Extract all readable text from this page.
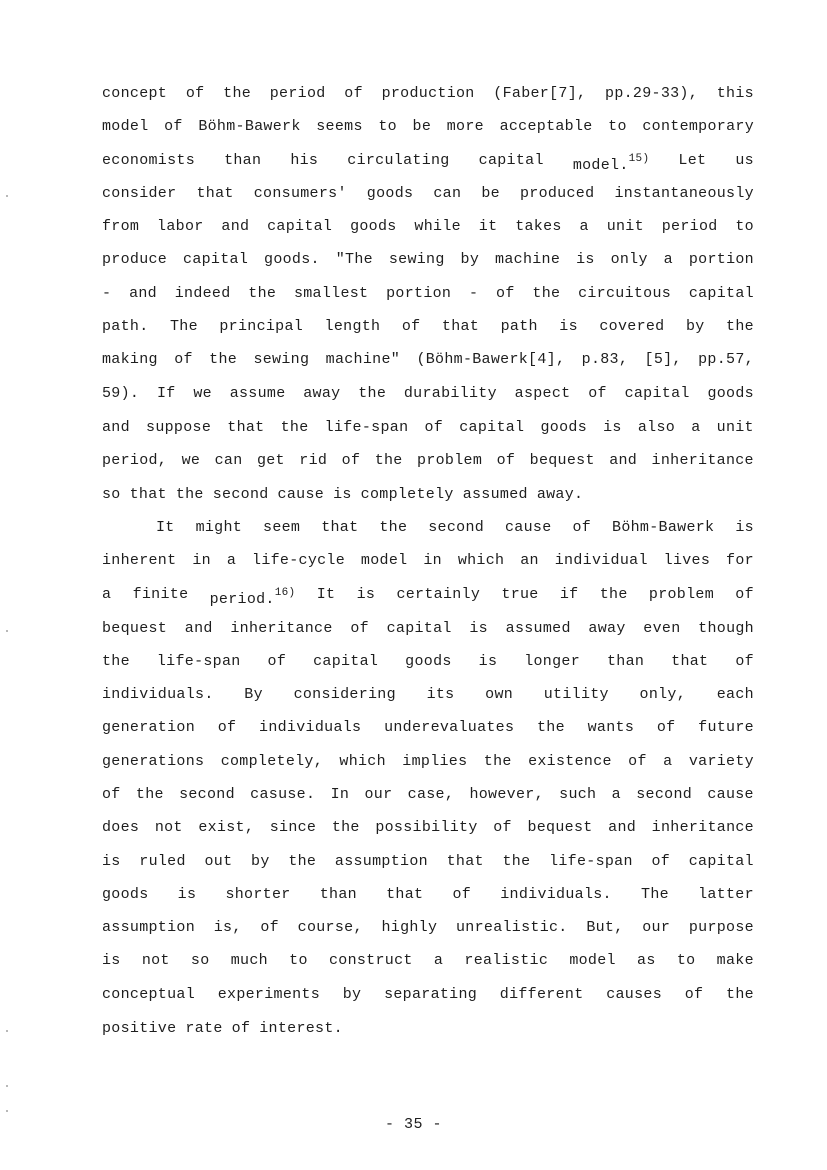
concept of the period of production (Faber[7], pp.29-33), this
model of Böhm-Bawerk seems to be more acceptable to contemporary
economists than his circulating capital model.$^{15)}$ Let us
consider that consumers' goods can be produced instantaneously
from labor and capital goods while it takes a unit period to
produce capital goods. "The sewing by machine is only a portion
- and indeed the smallest portion - of the circuitous capital
path. The principal length of that path is covered by the
making of the sewing machine" (Böhm-Bawerk[4], p.83, [5], pp.57,
59). If we assume away the durability aspect of capital goods
and suppose that the life-span of capital goods is also a unit
period, we can get rid of the problem of bequest and inheritance
so that the second cause is completely assumed away.
It might seem that the second cause of Böhm-Bawerk is
inherent in a life-cycle model in which an individual lives for
a finite period.$^{16)}$ It is certainly true if the problem of
bequest and inheritance of capital is assumed away even though
the life-span of capital goods is longer than that of
individuals. By considering its own utility only, each
generation of individuals underevaluates the wants of future
generations completely, which implies the existence of a variety
of the second casuse. In our case, however, such a second cause
does not exist, since the possibility of bequest and inheritance
is ruled out by the assumption that the life-span of capital
goods is shorter than that of individuals. The latter
assumption is, of course, highly unrealistic. But, our purpose
is not so much to construct a realistic model as to make
conceptual experiments by separating different causes of the
positive rate of interest.
- 35 -
